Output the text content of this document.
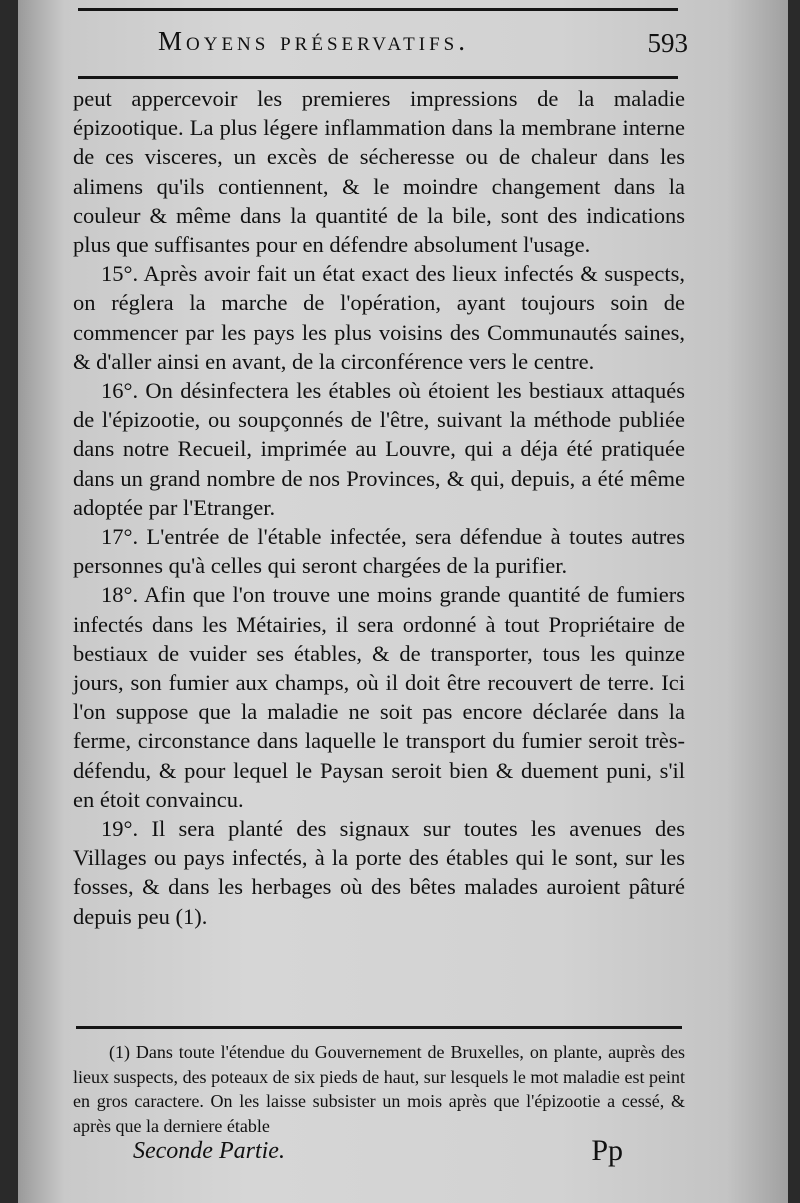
Moyens préservatifs.	593

peut appercevoir les premieres impressions de la maladie épizootique. La plus légere inflammation dans la membrane interne de ces visceres, un excès de sécheresse ou de chaleur dans les alimens qu'ils contiennent, & le moindre changement dans la couleur & même dans la quantité de la bile, sont des indications plus que suffisantes pour en défendre absolument l'usage.

15°. Après avoir fait un état exact des lieux infectés & suspects, on réglera la marche de l'opération, ayant toujours soin de commencer par les pays les plus voisins des Communautés saines, & d'aller ainsi en avant, de la circonférence vers le centre.

16°. On désinfectera les étables où étoient les bestiaux attaqués de l'épizootie, ou soupçonnés de l'être, suivant la méthode publiée dans notre Recueil, imprimée au Louvre, qui a déja été pratiquée dans un grand nombre de nos Provinces, & qui, depuis, a été même adoptée par l'Etranger.

17°. L'entrée de l'étable infectée, sera défendue à toutes autres personnes qu'à celles qui seront chargées de la purifier.

18°. Afin que l'on trouve une moins grande quantité de fumiers infectés dans les Métairies, il sera ordonné à tout Propriétaire de bestiaux de vuider ses étables, & de transporter, tous les quinze jours, son fumier aux champs, où il doit être recouvert de terre. Ici l'on suppose que la maladie ne soit pas encore déclarée dans la ferme, circonstance dans laquelle le transport du fumier seroit très-défendu, & pour lequel le Paysan seroit bien & duement puni, s'il en étoit convaincu.

19°. Il sera planté des signaux sur toutes les avenues des Villages ou pays infectés, à la porte des étables qui le sont, sur les fosses, & dans les herbages où des bêtes malades auroient pâturé depuis peu (1).

(1) Dans toute l'étendue du Gouvernement de Bruxelles, on plante, auprès des lieux suspects, des poteaux de six pieds de haut, sur lesquels le mot maladie est peint en gros caractere. On les laisse subsister un mois après que l'épizootie a cessé, & après que la derniere étable

Seconde Partie.	Pp
